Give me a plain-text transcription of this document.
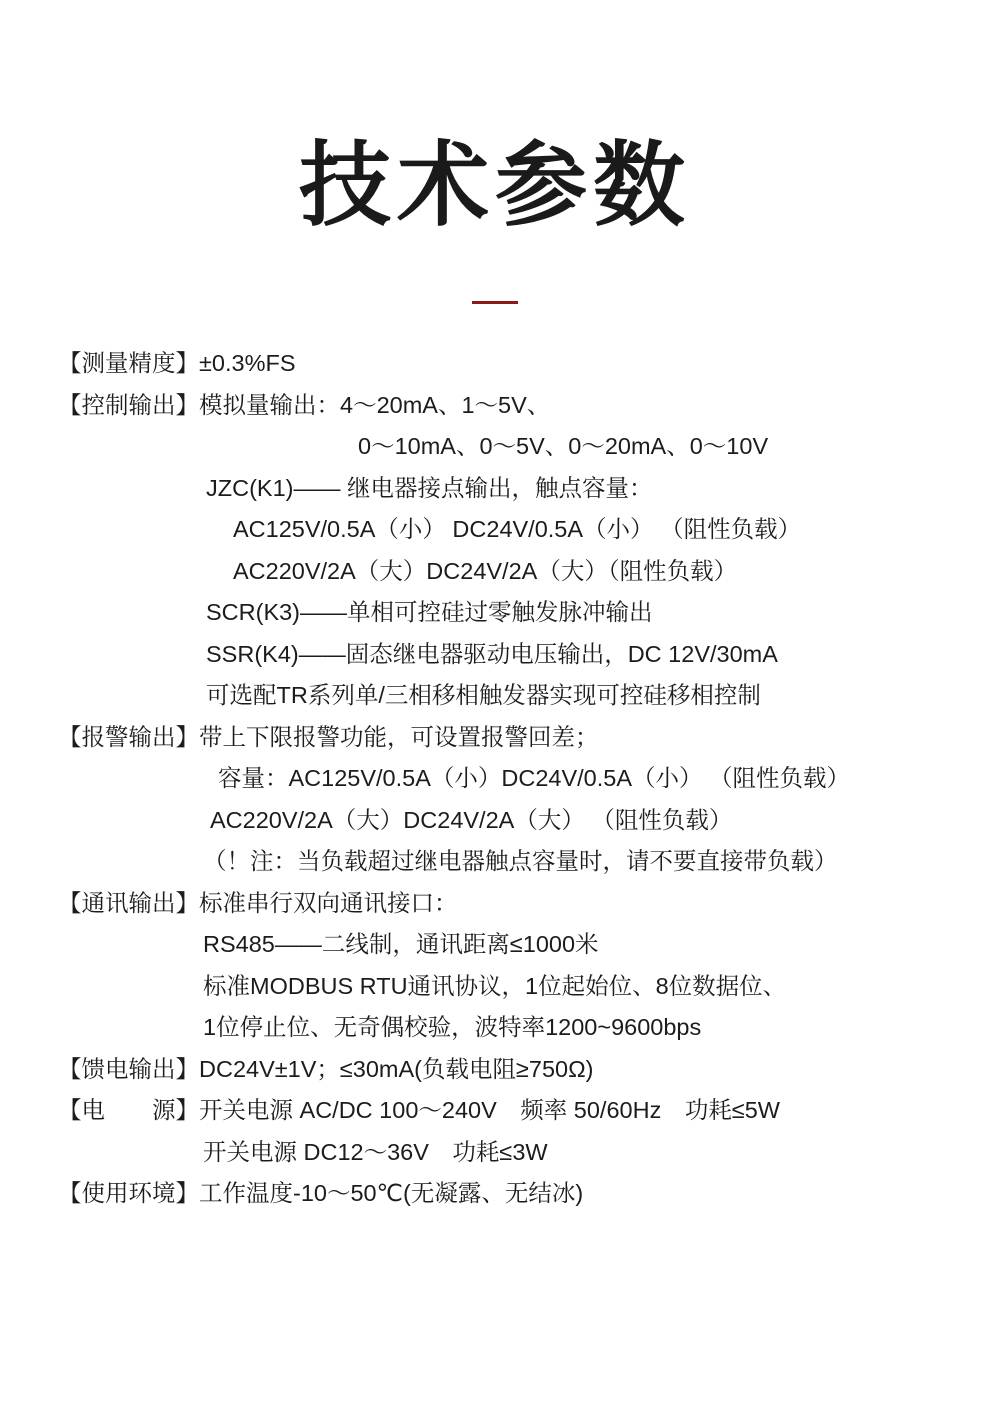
技术参数
【测量精度】 ±0.3%FS
【控制输出】 模拟量输出：4～20mA、1～5V、
0～10mA、0～5V、0～20mA、0～10V
JZC(K1)—— 继电器接点输出，触点容量：
AC125V/0.5A（小） DC24V/0.5A（小） （阻性负载）
AC220V/2A（大）DC24V/2A（大）（阻性负载）
SCR(K3)——单相可控硅过零触发脉冲输出
SSR(K4)——固态继电器驱动电压输出，DC 12V/30mA
可选配TR系列单/三相移相触发器实现可控硅移相控制
【报警输出】 带上下限报警功能，可设置报警回差；
容量：AC125V/0.5A（小）DC24V/0.5A（小） （阻性负载）
AC220V/2A（大）DC24V/2A（大） （阻性负载）
（！注：当负载超过继电器触点容量时，请不要直接带负载）
【通讯输出】 标准串行双向通讯接口：
RS485——二线制，通讯距离≤1000米
标准MODBUS RTU通讯协议，1位起始位、8位数据位、
1位停止位、无奇偶校验，波特率1200~9600bps
【馈电输出】 DC24V±1V；≤30mA(负载电阻≥750Ω)
【电　　源】 开关电源 AC/DC 100～240V　频率 50/60Hz　功耗≤5W
开关电源 DC12～36V　功耗≤3W
【使用环境】 工作温度-10～50℃(无凝露、无结冰)
